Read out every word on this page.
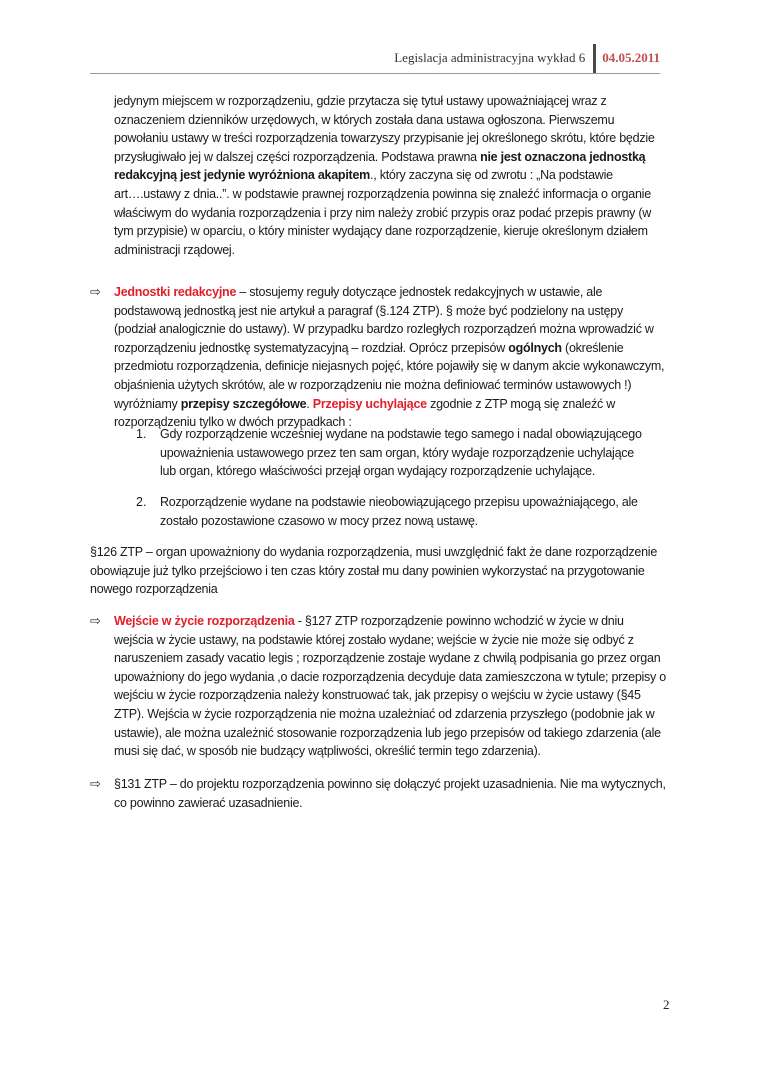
Legislacja administracyjna wykład 6	04.05.2011
jedynym miejscem w rozporządzeniu, gdzie przytacza się tytuł ustawy upoważniającej wraz z oznaczeniem dzienników urzędowych, w których została dana ustawa ogłoszona. Pierwszemu powołaniu ustawy w treści rozporządzenia towarzyszy przypisanie jej określonego skrótu, które będzie przysługiwało jej w dalszej części rozporządzenia. Podstawa prawna nie jest oznaczona jednostką redakcyjną jest jedynie wyróżniona akapitem., który zaczyna się od zwrotu : „Na podstawie art….ustawy z dnia..”. w podstawie prawnej rozporządzenia powinna się znaleźć informacja o organie właściwym do wydania rozporządzenia i przy nim należy zrobić przypis oraz podać przepis prawny (w tym przypisie) w oparciu, o który minister wydający dane rozporządzenie, kieruje określonym działem administracji rządowej.
⇨ Jednostki redakcyjne – stosujemy reguły dotyczące jednostek redakcyjnych w ustawie, ale podstawową jednostką jest nie artykuł a paragraf (§.124 ZTP). § może być podzielony na ustępy (podział analogicznie do ustawy). W przypadku bardzo rozległych rozporządzeń można wprowadzić w rozporządzeniu jednostkę systematyzacyjną – rozdział. Oprócz przepisów ogólnych (określenie przedmiotu rozporządzenia, definicje niejasnych pojęć, które pojawiły się w danym akcie wykonawczym, objaśnienia użytych skrótów, ale w rozporządzeniu nie można definiować terminów ustawowych !) wyróżniamy przepisy szczegółowe. Przepisy uchylające zgodnie z ZTP mogą się znaleźć w rozporządzeniu tylko w dwóch przypadkach :
1. Gdy rozporządzenie wcześniej wydane na podstawie tego samego i nadal obowiązującego upoważnienia ustawowego przez ten sam organ, który wydaje rozporządzenie uchylające lub organ, którego właściwości przejął organ wydający rozporządzenie uchylające.
2. Rozporządzenie wydane na podstawie nieobowiązującego przepisu upoważniającego, ale zostało pozostawione czasowo w mocy przez nową ustawę.
§126 ZTP – organ upoważniony do wydania rozporządzenia, musi uwzględnić fakt że dane rozporządzenie obowiązuje już tylko przejściowo i ten czas który został mu dany powinien wykorzystać na przygotowanie nowego rozporządzenia
⇨ Wejście w życie rozporządzenia - §127 ZTP rozporządzenie powinno wchodzić w życie w dniu wejścia w życie ustawy, na podstawie której zostało wydane; wejście w życie nie może się odbyć z naruszeniem zasady vacatio legis ; rozporządzenie zostaje wydane z chwilą podpisania go przez organ upoważniony do jego wydania ,o dacie rozporządzenia decyduje data zamieszczona w tytule; przepisy o wejściu w życie rozporządzenia należy konstruować tak, jak przepisy o wejściu w życie ustawy (§45 ZTP). Wejścia w życie rozporządzenia nie można uzależniać od zdarzenia przyszłego (podobnie jak w ustawie), ale można uzależnić stosowanie rozporządzenia lub jego przepisów od takiego zdarzenia (ale musi się dać, w sposób nie budzący wątpliwości, określić termin tego zdarzenia).
⇨ §131 ZTP – do projektu rozporządzenia powinno się dołączyć projekt uzasadnienia. Nie ma wytycznych, co powinno zawierać uzasadnienie.
2
